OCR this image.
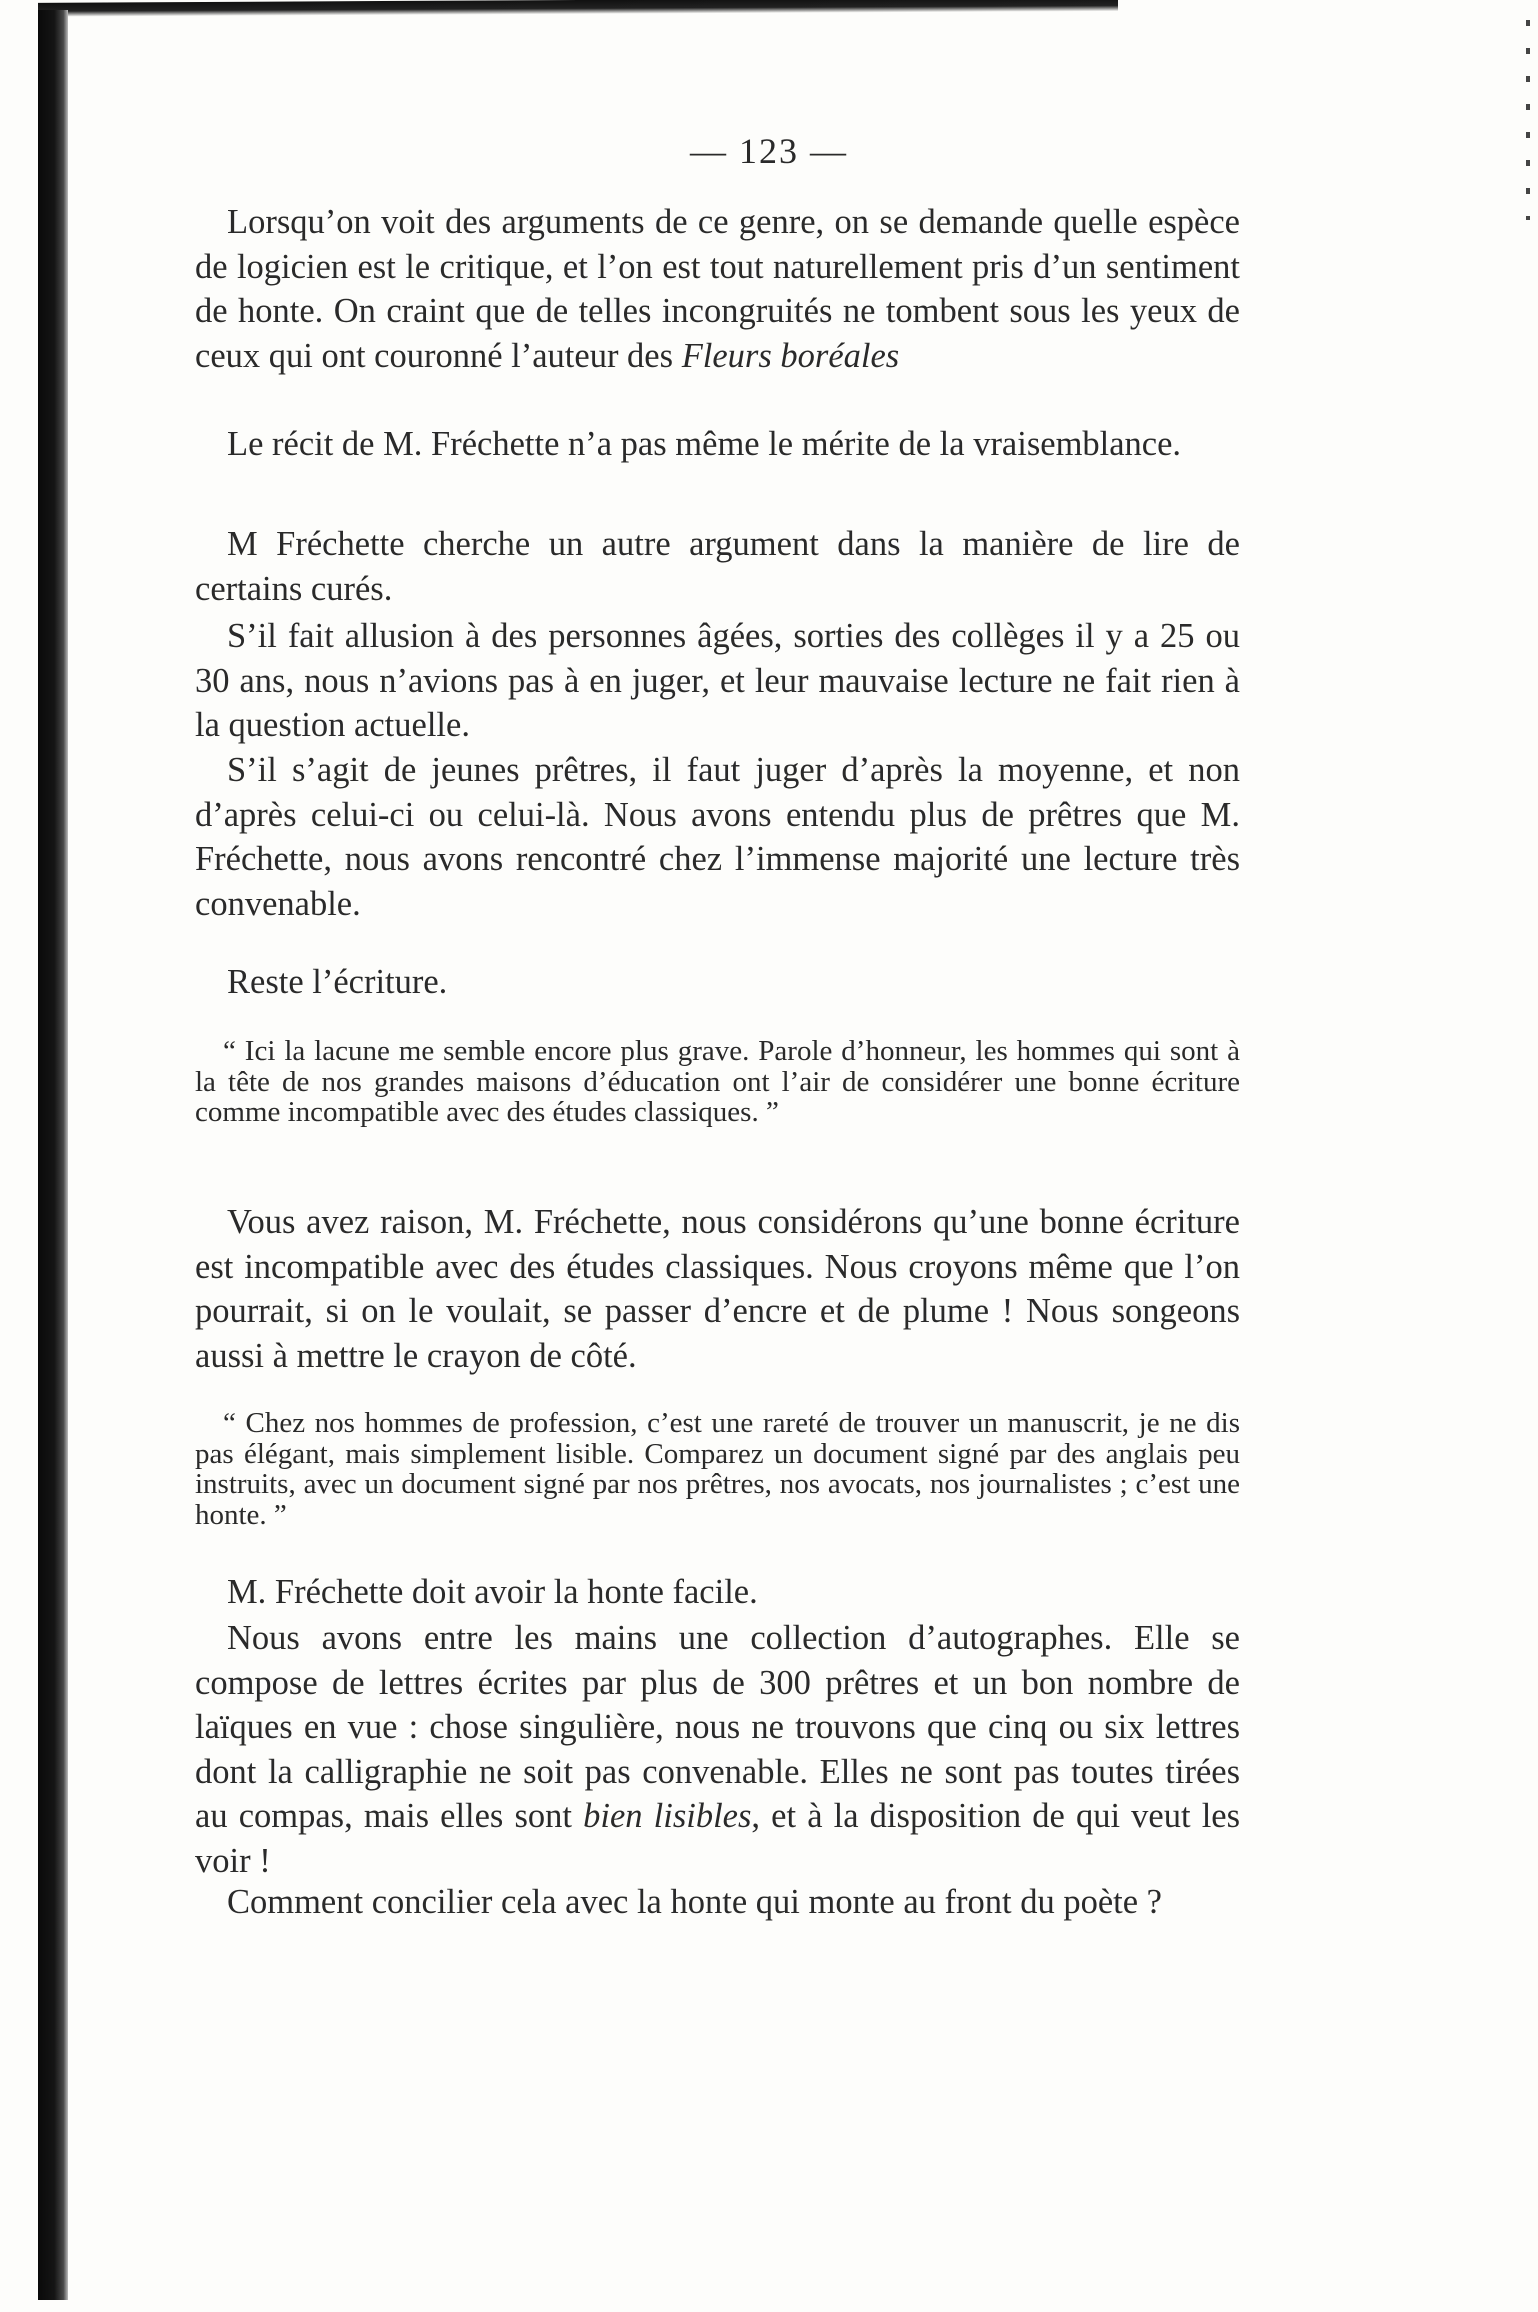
— 123 —

Lorsqu’on voit des arguments de ce genre, on se demande quelle espèce de logicien est le critique, et l’on est tout naturellement pris d’un sentiment de honte. On craint que de telles incongruités ne tombent sous les yeux de ceux qui ont couronné l’auteur des Fleurs boréales

Le récit de M. Fréchette n’a pas même le mérite de la vraisemblance.

M Fréchette cherche un autre argument dans la manière de lire de certains curés.

S’il fait allusion à des personnes âgées, sorties des collèges il y a 25 ou 30 ans, nous n’avions pas à en juger, et leur mauvaise lecture ne fait rien à la question actuelle.

S’il s’agit de jeunes prêtres, il faut juger d’après la moyenne, et non d’après celui-ci ou celui-là. Nous avons entendu plus de prêtres que M. Fréchette, nous avons rencontré chez l’immense majorité une lecture très convenable.

Reste l’écriture.

“ Ici la lacune me semble encore plus grave. Parole d’honneur, les hommes qui sont à la tête de nos grandes maisons d’éducation ont l’air de considérer une bonne écriture comme incompatible avec des études classiques. ”

Vous avez raison, M. Fréchette, nous considérons qu’une bonne écriture est incompatible avec des études classiques. Nous croyons même que l’on pourrait, si on le voulait, se passer d’encre et de plume ! Nous songeons aussi à mettre le crayon de côté.

“ Chez nos hommes de profession, c’est une rareté de trouver un manuscrit, je ne dis pas élégant, mais simplement lisible. Comparez un document signé par des anglais peu instruits, avec un document signé par nos prêtres, nos avocats, nos journalistes ; c’est une honte. ”

M. Fréchette doit avoir la honte facile.

Nous avons entre les mains une collection d’autographes. Elle se compose de lettres écrites par plus de 300 prêtres et un bon nombre de laïques en vue : chose singulière, nous ne trouvons que cinq ou six lettres dont la calligraphie ne soit pas convenable. Elles ne sont pas toutes tirées au compas, mais elles sont bien lisibles, et à la disposition de qui veut les voir !

Comment concilier cela avec la honte qui monte au front du poète ?
